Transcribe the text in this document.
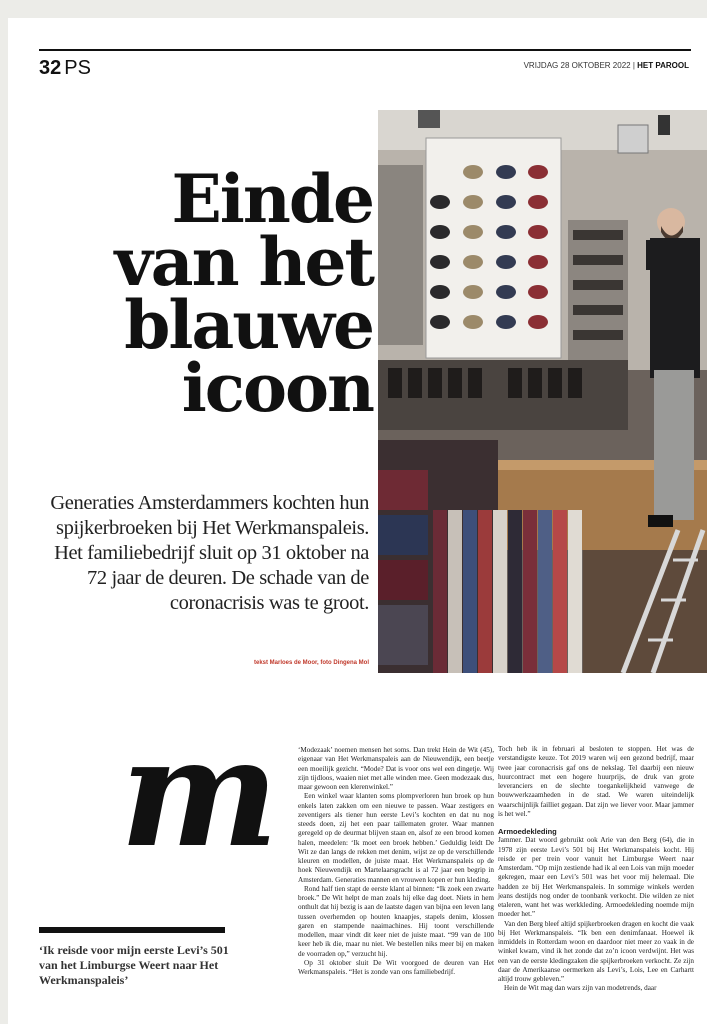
32 PS	VRIJDAG 28 OKTOBER 2022 | HET PAROOL
Einde
van het
blauwe
icoon
Generaties Amsterdammers kochten hun spijkerbroeken bij Het Werkmanspaleis. Het familiebedrijf sluit op 31 oktober na 72 jaar de deuren. De schade van de coronacrisis was te groot.
tekst Marloes de Moor, foto Dingena Mol
m
‘Ik reisde voor mijn eerste Levi’s 501 van het Limburgse Weert naar Het Werkmanspaleis’

‘Modezaak’ noemen mensen het soms. Dan trekt Hein de Wit (45), eigenaar van Het Werkmanspaleis aan de Nieuwendijk, een beetje een moeilijk gezicht. “Mode? Dat is voor ons wel een dingetje. Wij zijn tijdloos, waaien niet met alle winden mee. Geen modezaak dus, maar gewoon een klerenwinkel.”

Een winkel waar klanten soms plompverloren hun broek op hun enkels laten zakken om een nieuwe te passen. Waar zestigers en zeventigers als tiener hun eerste Levi’s kochten en dat nu nog steeds doen, zij het een paar taillematen groter. Waar mannen geregeld op de deurmat blijven staan en, alsof ze een brood komen halen, meedelen: ‘Ik moet een broek hebben.’ Geduldig leidt De Wit ze dan langs de rekken met denim, wijst ze op de verschillende kleuren en modellen, de juiste maat. Het Werkmanspaleis op de hoek Nieuwendijk en Martelaarsgracht is al 72 jaar een begrip in Amsterdam. Generaties mannen en vrouwen kopen er hun kleding.

Rond half tien stapt de eerste klant al binnen: “Ik zoek een zwarte broek.” De Wit helpt de man zoals hij elke dag doet. Niets in hem onthult dat hij bezig is aan de laatste dagen van bijna een leven lang tussen overhemden op houten knaapjes, stapels denim, klossen garen en stampende naaimachines. Hij toont verschillende modellen, maar vindt dit keer niet de juiste maat. “99 van de 100 keer heb ik die, maar nu niet. We bestellen niks meer bij en maken de voorraden op,” verzucht hij.

Op 31 oktober sluit De Wit voorgoed de deuren van Het Werkmanspaleis. “Het is zonde van ons familiebedrijf.

Toch heb ik in februari al besloten te stoppen. Het was de verstandigste keuze. Tot 2019 waren wij een gezond bedrijf, maar twee jaar coronacrisis gaf ons de nekslag. Tel daarbij een nieuw huurcontract met een hogere huurprijs, de druk van grote leveranciers en de slechte toegankelijkheid vanwege de bouwwerkzaamheden in de stad. We waren uiteindelijk waarschijnlijk failliet gegaan. Dat zijn we liever voor. Maar jammer is het wel.”

Armoedekleding

Jammer. Dat woord gebruikt ook Arie van den Berg (64), die in 1978 zijn eerste Levi’s 501 bij Het Werkmanspaleis kocht. Hij reisde er per trein voor vanuit het Limburgse Weert naar Amsterdam. “Op mijn zestiende had ik al een Lois van mijn moeder gekregen, maar een Levi’s 501 was het voor mij helemaal. Die hadden ze bij Het Werkmanspaleis. In sommige winkels werden jeans destijds nog onder de toonbank verkocht. Die wilden ze niet etaleren, want het was werkkleding. Armoedekleding noemde mijn moeder het.”

Van den Berg bleef altijd spijkerbroeken dragen en kocht die vaak bij Het Werkmanspaleis. “Ik ben een denimfanaat. Hoewel ik inmiddels in Rotterdam woon en daardoor niet meer zo vaak in de winkel kwam, vind ik het zonde dat zo’n icoon verdwijnt. Het was een van de eerste kledingzaken die spijkerbroeken verkocht. Ze zijn daar de Amerikaanse oermerken als Levi’s, Lois, Lee en Carhartt altijd trouw gebleven.”

Hein de Wit mag dan wars zijn van modetrends, daar
